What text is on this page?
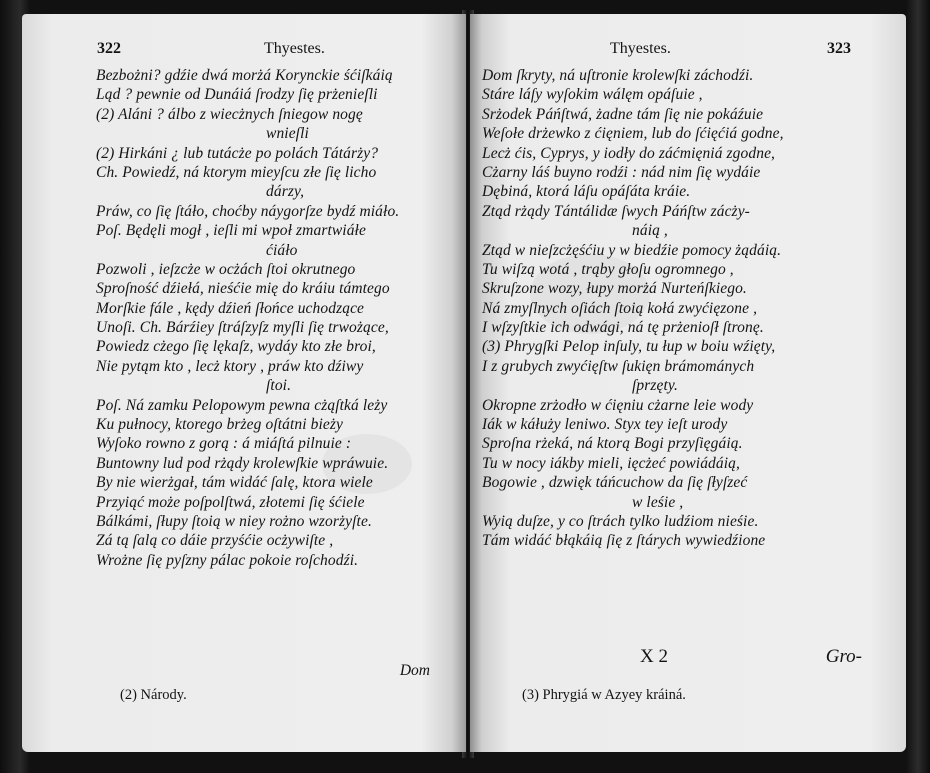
322	Thyestes.
Bezbożni? gdźie dwá morżá Korynckie śćiſkáią
Ląd ? pewnie od Dunáiá ſrodzy ſię prżenieſli
(2) Aláni ? álbo z wiecżnych ſniegow nogę
wnieſli
(2) Hirkáni ¿ lub tutácże po polách Tátárży?
Ch. Powiedź, ná ktorym mieyſcu złe ſię licho
dárzy,
Práw, co ſię ſtáło, choćby náygorſze bydź miáło.
Poſ. Będęli mogł , ieſli mi wpoł zmartwiáłe
ćiáło
Pozwoli , ieſzcże w ocżách ſtoi okrutnego
Sproſność dźiełá, nieśćie mię do kráiu támtego
Morſkie fále , kędy dźień ſłońce uchodzące
Unoſi. Ch. Bárźiey ſtráſzyſz myſli ſię trwożące,
Powiedz cżego ſię lękaſz, wydáy kto złe broi,
Nie pytąm kto , lecż ktory , práw kto dźiwy
ſtoi.
Poſ. Ná zamku Pelopowym pewna cżąſtká leży
Ku pułnocy, ktorego brżeg oſtátni bieży
Wyſoko rowno z gorą : á miáſtá pilnuie :
Buntowny lud pod rżądy krolewſkie wpráwuie.
By nie wierżgał, tám widáć ſalę, ktora wiele
Przyiąć może poſpolſtwá, złotemi ſię śćiele
Bálkámi, ſłupy ſtoią w niey rożno wzorżyſte.
Zá tą ſalą co dáie przyśćie ocżywiſte ,
Wrożne ſię pyſzny pálac pokoie roſchodźi.
Dom
(2) Národy.
Thyestes.	323
Dom ſkryty, ná uſtronie krolewſki záchodźi.
Stáre láſy wyſokim wálęm opáſuie ,
Srżodek Páńſtwá, żadne tám ſię nie pokáźuie
Weſołe drżewko z ćięniem, lub do ſćięćiá godne,
Lecż ćis, Cyprys, y iodły do záćmięniá zgodne,
Cżarny láś buyno rodźi : nád nim ſię wydáie
Dębiná, ktorá láſu opáſáta kráie.
Ztąd rżądy Tántálidæ ſwych Páńſtw zácży-
náią ,
Ztąd w nieſzcżęśćiu y w biedźie pomocy żądáią.
Tu wiſzą wotá , trąby głoſu ogromnego ,
Skruſzone wozy, łupy morżá Nurteńſkiego.
Ná zmyſlnych oſiách ſtoią kołá zwyćięzone ,
I wſzyſtkie ich odwági, ná tę prżenioſł ſtronę.
(3) Phrygſki Pelop inſuly, tu łup w boiu wźięty,
I z grubych zwyćięſtw ſukięn brámománych
ſprzęty.
Okropne zrżodło w ćięniu cżarne leie wody
Iák w káłuży leniwo. Styx tey ieſt urody
Sproſna rżeká, ná ktorą Bogi przyſięgáią.
Tu w nocy iákby mieli, ięcżeć powiádáią,
Bogowie , dzwięk táńcuchow da ſię ſłyſzeć
w leśie ,
Wyią duſze, y co ſtrách tylko ludźiom nieśie.
Tám widáć błąkáią ſię z ſtárych wywiedźione
X 2	Gro-
(3) Phrygiá w Azyey kráiná.
